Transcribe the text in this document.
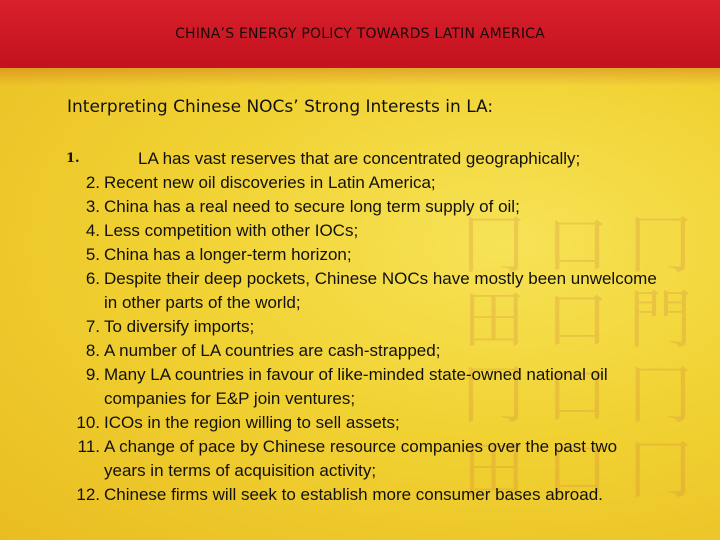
CHINA’S ENERGY POLICY TOWARDS LATIN AMERICA
冂 口 冂
田 口 門
冂 口 冂
田 口 冂
Interpreting Chinese NOCs’ Strong Interests in LA:
1.	LA has vast reserves that are concentrated geographically;
2. Recent new oil discoveries in Latin America;
3. China has a real need to secure long term supply of oil;
4. Less competition with other IOCs;
5. China has a longer-term horizon;
6. Despite their deep pockets, Chinese NOCs have mostly been unwelcome in other parts of the world;
7. To diversify imports;
8. A number of LA countries are cash-strapped;
9. Many LA countries in favour of like-minded state-owned national oil companies for E&P join ventures;
10. ICOs in the region willing to sell assets;
11. A change of pace by Chinese resource companies over the past two years in terms of acquisition activity;
12. Chinese firms will seek to establish more consumer bases abroad.
